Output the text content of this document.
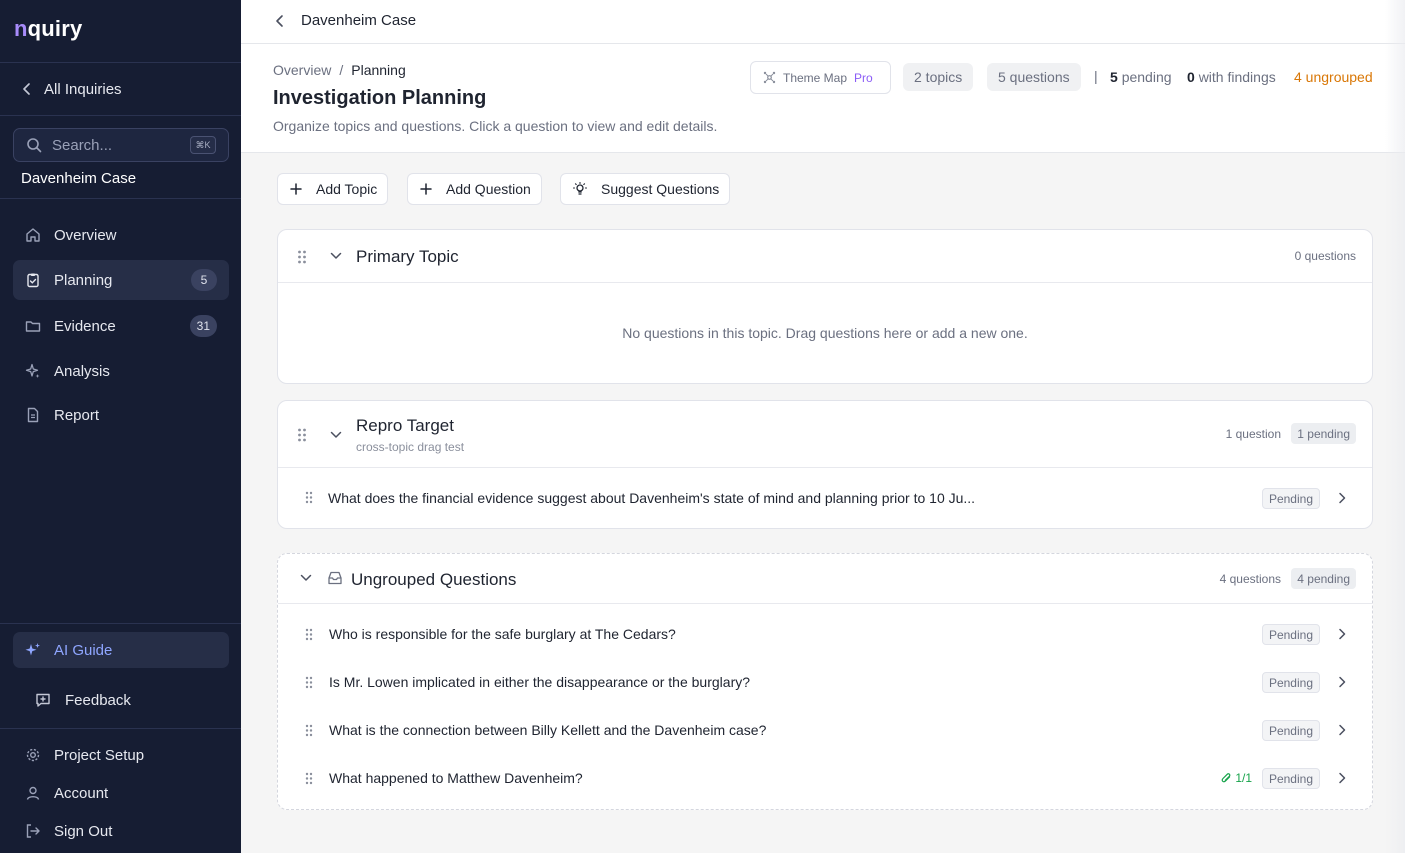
nquiry
All Inquiries
Search...	⌘K
Davenheim Case
Overview
Planning	5
Evidence	31
Analysis
Report
AI Guide
Feedback
Project Setup
Account
Sign Out
Davenheim Case
Overview / Planning
Investigation Planning
Organize topics and questions. Click a question to view and edit details.
Theme Map Pro	2 topics	5 questions	| 5 pending 0 with findings 4 ungrouped
Add Topic	Add Question	Suggest Questions
Primary Topic	0 questions
No questions in this topic. Drag questions here or add a new one.
Repro Target
cross-topic drag test
1 question	1 pending
What does the financial evidence suggest about Davenheim's state of mind and planning prior to 10 Ju...	Pending
Ungrouped Questions	4 questions	4 pending
Who is responsible for the safe burglary at The Cedars?	Pending
Is Mr. Lowen implicated in either the disappearance or the burglary?	Pending
What is the connection between Billy Kellett and the Davenheim case?	Pending
What happened to Matthew Davenheim?	1/1	Pending
